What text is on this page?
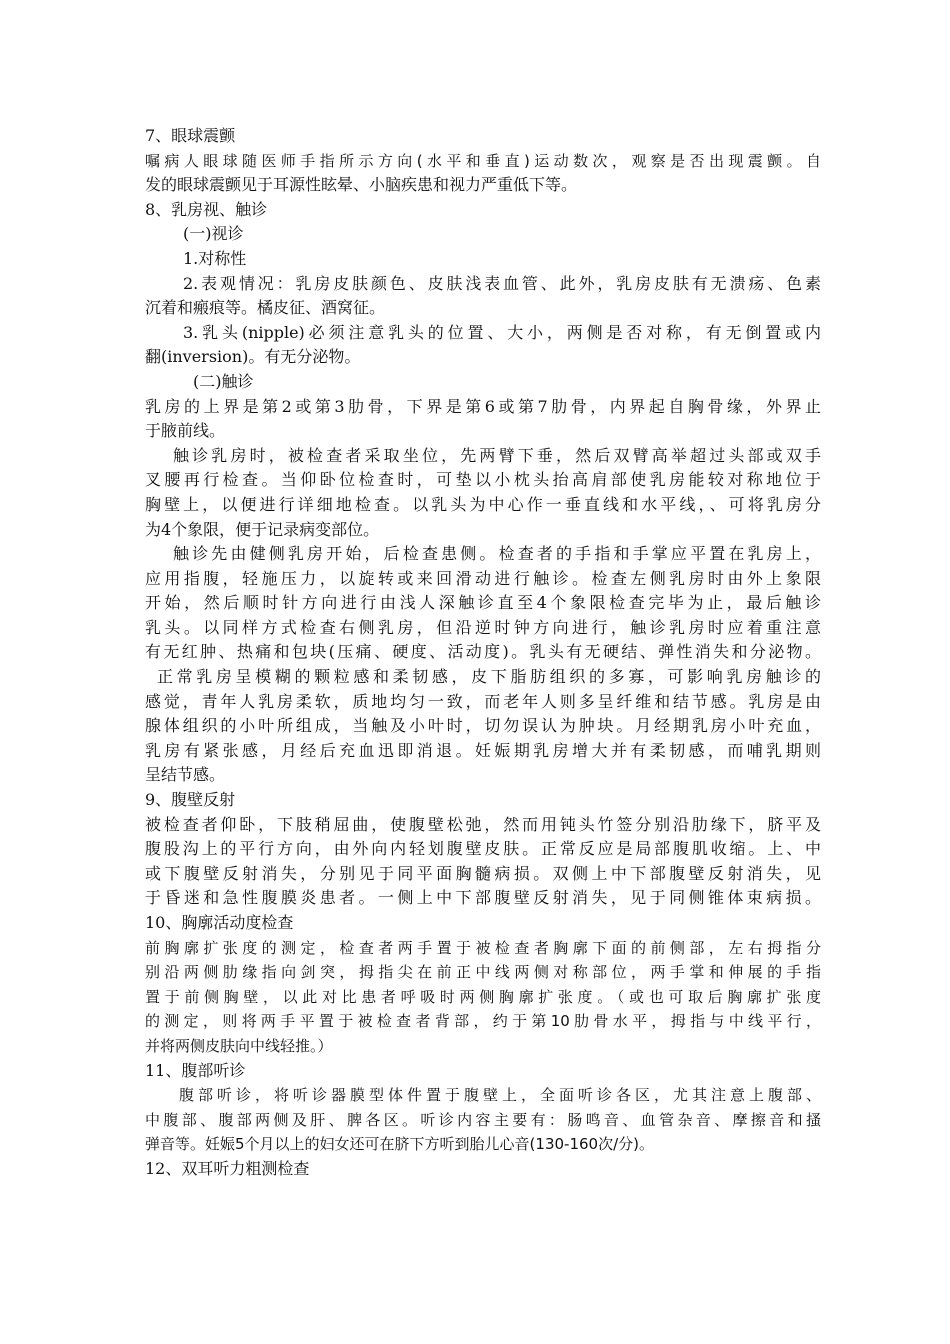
7、眼球震颤

嘱病人眼球随医师手指所示方向(水平和垂直)运动数次，观察是否出现震颤。自

发的眼球震颤见于耳源性眩晕、小脑疾患和视力严重低下等。

8、乳房视、触诊

(一)视诊

1.对称性

2.表观情况：乳房皮肤颜色、皮肤浅表血管、此外，乳房皮肤有无溃疡、色素

沉着和瘢痕等。橘皮征、酒窝征。

3.乳头(nipple)必须注意乳头的位置、大小，两侧是否对称，有无倒置或内

翻(inversion)。有无分泌物。

(二)触诊

乳房的上界是第2或第3肋骨，下界是第6或第7肋骨，内界起自胸骨缘，外界止

于腋前线。

触诊乳房时，被检查者采取坐位，先两臂下垂，然后双臂高举超过头部或双手

叉腰再行检查。当仰卧位检查时，可垫以小枕头抬高肩部使乳房能较对称地位于

胸壁上，以便进行详细地检查。以乳头为中心作一垂直线和水平线，、可将乳房分

为4个象限，便于记录病变部位。

触诊先由健侧乳房开始，后检查患侧。检查者的手指和手掌应平置在乳房上，

应用指腹，轻施压力，以旋转或来回滑动进行触诊。检查左侧乳房时由外上象限

开始，然后顺时针方向进行由浅人深触诊直至4个象限检查完毕为止，最后触诊

乳头。以同样方式检查右侧乳房，但沿逆时钟方向进行，触诊乳房时应着重注意

有无红肿、热痛和包块(压痛、硬度、活动度)。乳头有无硬结、弹性消失和分泌物。

正常乳房呈模糊的颗粒感和柔韧感，皮下脂肪组织的多寡，可影响乳房触诊的

感觉，青年人乳房柔软，质地均匀一致，而老年人则多呈纤维和结节感。乳房是由

腺体组织的小叶所组成，当触及小叶时，切勿误认为肿块。月经期乳房小叶充血，

乳房有紧张感，月经后充血迅即消退。妊娠期乳房增大并有柔韧感，而哺乳期则

呈结节感。

9、腹壁反射

被检查者仰卧，下肢稍屈曲，使腹壁松弛，然而用钝头竹签分别沿肋缘下，脐平及

腹股沟上的平行方向，由外向内轻划腹壁皮肤。正常反应是局部腹肌收缩。上、中

或下腹壁反射消失，分别见于同平面胸髓病损。双侧上中下部腹壁反射消失，见

于昏迷和急性腹膜炎患者。一侧上中下部腹壁反射消失，见于同侧锥体束病损。

10、胸廓活动度检查

前胸廓扩张度的测定，检查者两手置于被检查者胸廓下面的前侧部，左右拇指分

别沿两侧肋缘指向剑突，拇指尖在前正中线两侧对称部位，两手掌和伸展的手指

置于前侧胸壁，以此对比患者呼吸时两侧胸廓扩张度。（或也可取后胸廓扩张度

的测定，则将两手平置于被检查者背部，约于第10肋骨水平，拇指与中线平行，

并将两侧皮肤向中线轻推。）

11、腹部听诊

腹部听诊，将听诊器膜型体件置于腹壁上，全面听诊各区，尤其注意上腹部、

中腹部、腹部两侧及肝、脾各区。听诊内容主要有：肠鸣音、血管杂音、摩擦音和搔

弹音等。妊娠5个月以上的妇女还可在脐下方听到胎儿心音(130-160次/分)。

12、双耳听力粗测检查
